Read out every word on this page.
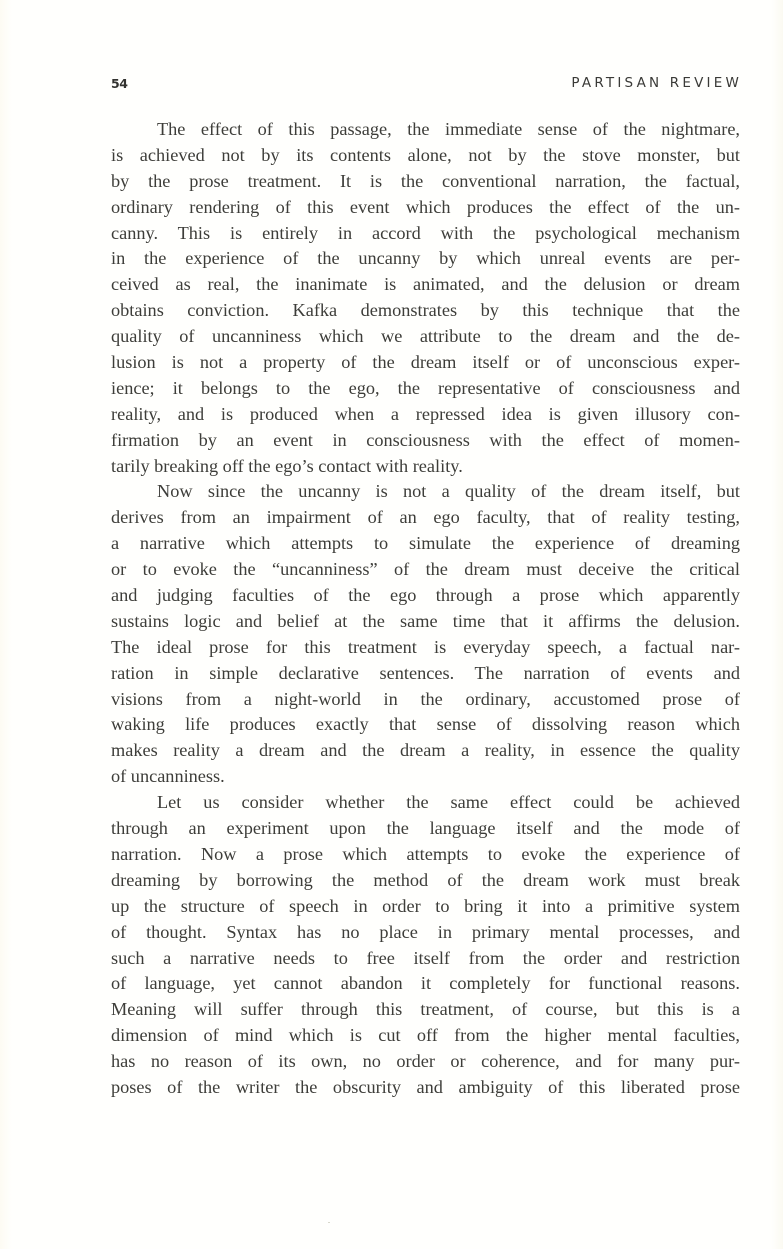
54	PARTISAN REVIEW
The effect of this passage, the immediate sense of the nightmare,
is achieved not by its contents alone, not by the stove monster, but
by the prose treatment. It is the conventional narration, the factual,
ordinary rendering of this event which produces the effect of the un-
canny. This is entirely in accord with the psychological mechanism
in the experience of the uncanny by which unreal events are per-
ceived as real, the inanimate is animated, and the delusion or dream
obtains conviction. Kafka demonstrates by this technique that the
quality of uncanniness which we attribute to the dream and the de-
lusion is not a property of the dream itself or of unconscious exper-
ience; it belongs to the ego, the representative of consciousness and
reality, and is produced when a repressed idea is given illusory con-
firmation by an event in consciousness with the effect of momen-
tarily breaking off the ego’s contact with reality.
Now since the uncanny is not a quality of the dream itself, but
derives from an impairment of an ego faculty, that of reality testing,
a narrative which attempts to simulate the experience of dreaming
or to evoke the “uncanniness” of the dream must deceive the critical
and judging faculties of the ego through a prose which apparently
sustains logic and belief at the same time that it affirms the delusion.
The ideal prose for this treatment is everyday speech, a factual nar-
ration in simple declarative sentences. The narration of events and
visions from a night-world in the ordinary, accustomed prose of
waking life produces exactly that sense of dissolving reason which
makes reality a dream and the dream a reality, in essence the quality
of uncanniness.
Let us consider whether the same effect could be achieved
through an experiment upon the language itself and the mode of
narration. Now a prose which attempts to evoke the experience of
dreaming by borrowing the method of the dream work must break
up the structure of speech in order to bring it into a primitive system
of thought. Syntax has no place in primary mental processes, and
such a narrative needs to free itself from the order and restriction
of language, yet cannot abandon it completely for functional reasons.
Meaning will suffer through this treatment, of course, but this is a
dimension of mind which is cut off from the higher mental faculties,
has no reason of its own, no order or coherence, and for many pur-
poses of the writer the obscurity and ambiguity of this liberated prose
